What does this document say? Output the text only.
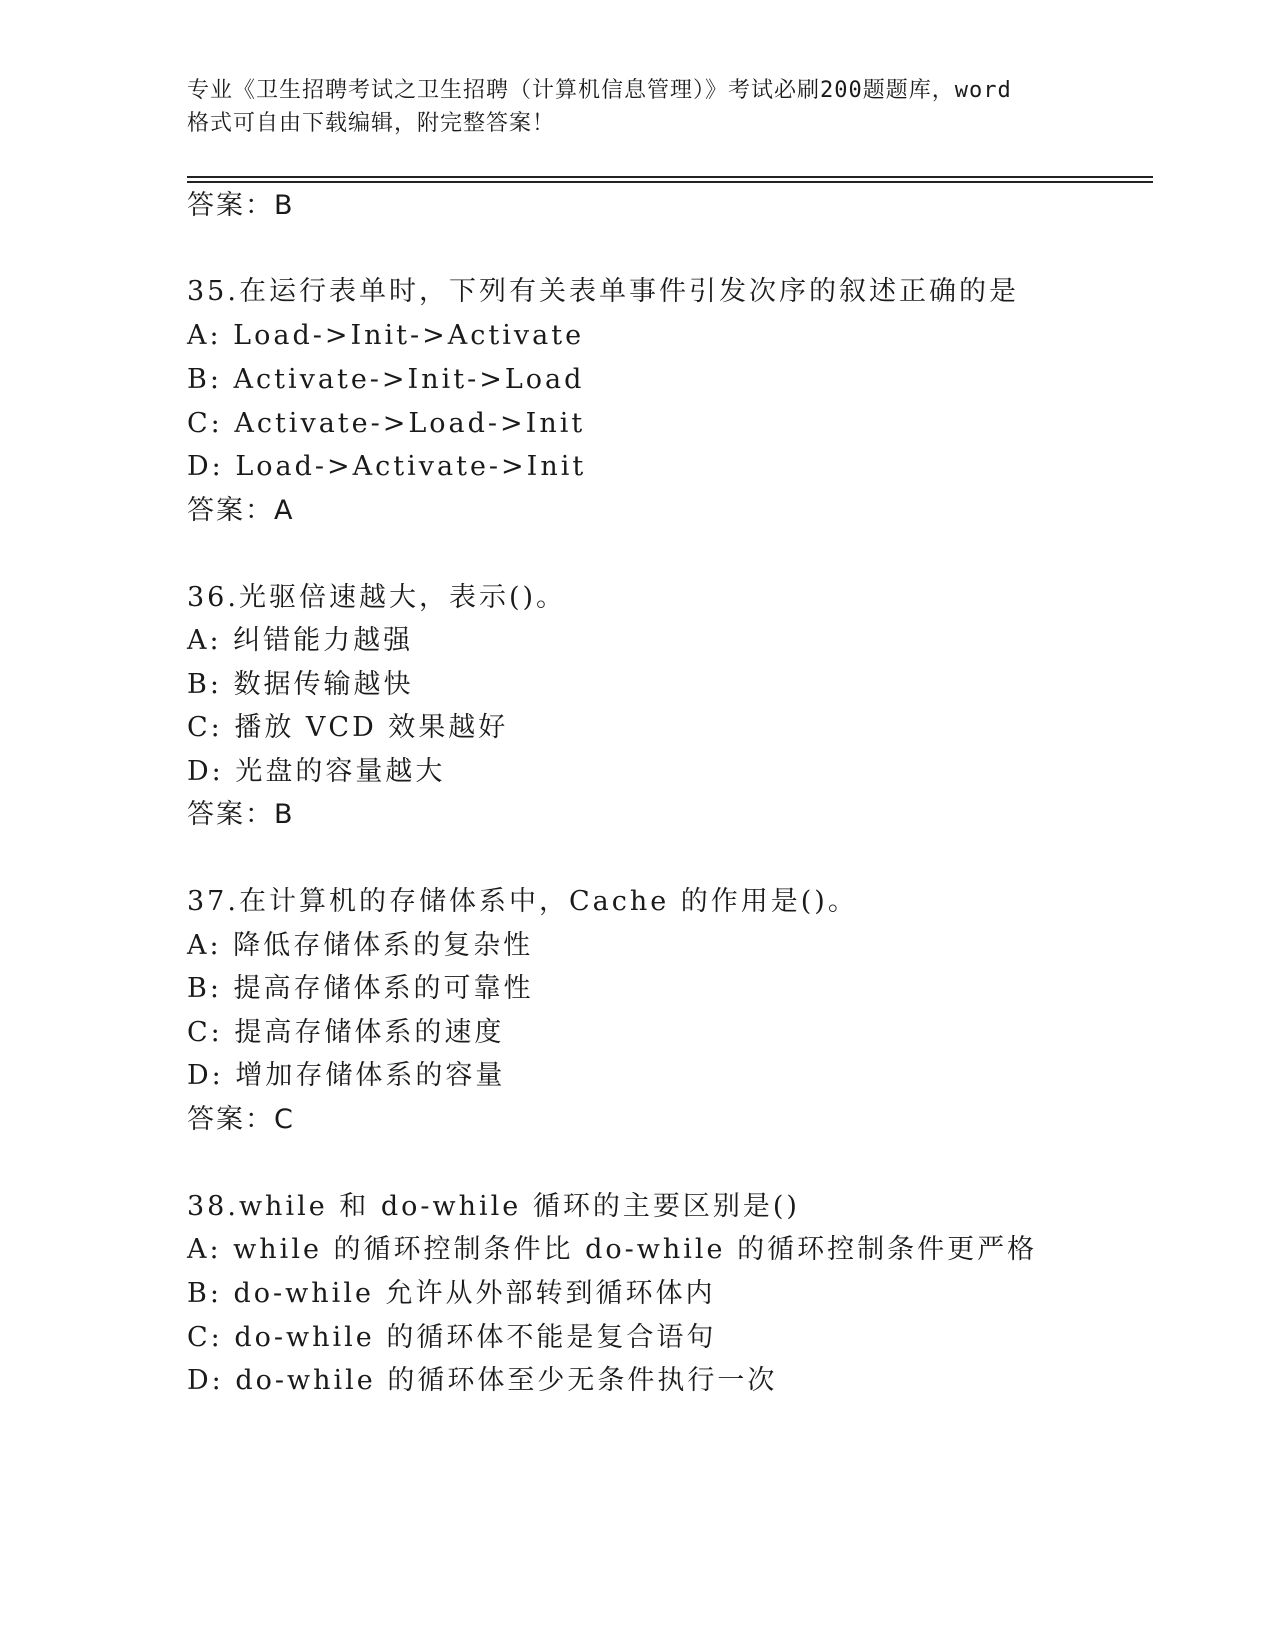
专业《卫生招聘考试之卫生招聘（计算机信息管理）》考试必刷200题题库，word
格式可自由下载编辑，附完整答案！
答案：B
35.在运行表单时，下列有关表单事件引发次序的叙述正确的是
A: Load->Init->Activate
B: Activate->Init->Load
C: Activate->Load->Init
D: Load->Activate->Init
答案：A
36.光驱倍速越大，表示()。
A: 纠错能力越强
B: 数据传输越快
C: 播放 VCD 效果越好
D: 光盘的容量越大
答案：B
37.在计算机的存储体系中，Cache 的作用是()。
A: 降低存储体系的复杂性
B: 提高存储体系的可靠性
C: 提高存储体系的速度
D: 增加存储体系的容量
答案：C
38.while 和 do-while 循环的主要区别是()
A: while 的循环控制条件比 do-while 的循环控制条件更严格
B: do-while 允许从外部转到循环体内
C: do-while 的循环体不能是复合语句
D: do-while 的循环体至少无条件执行一次
